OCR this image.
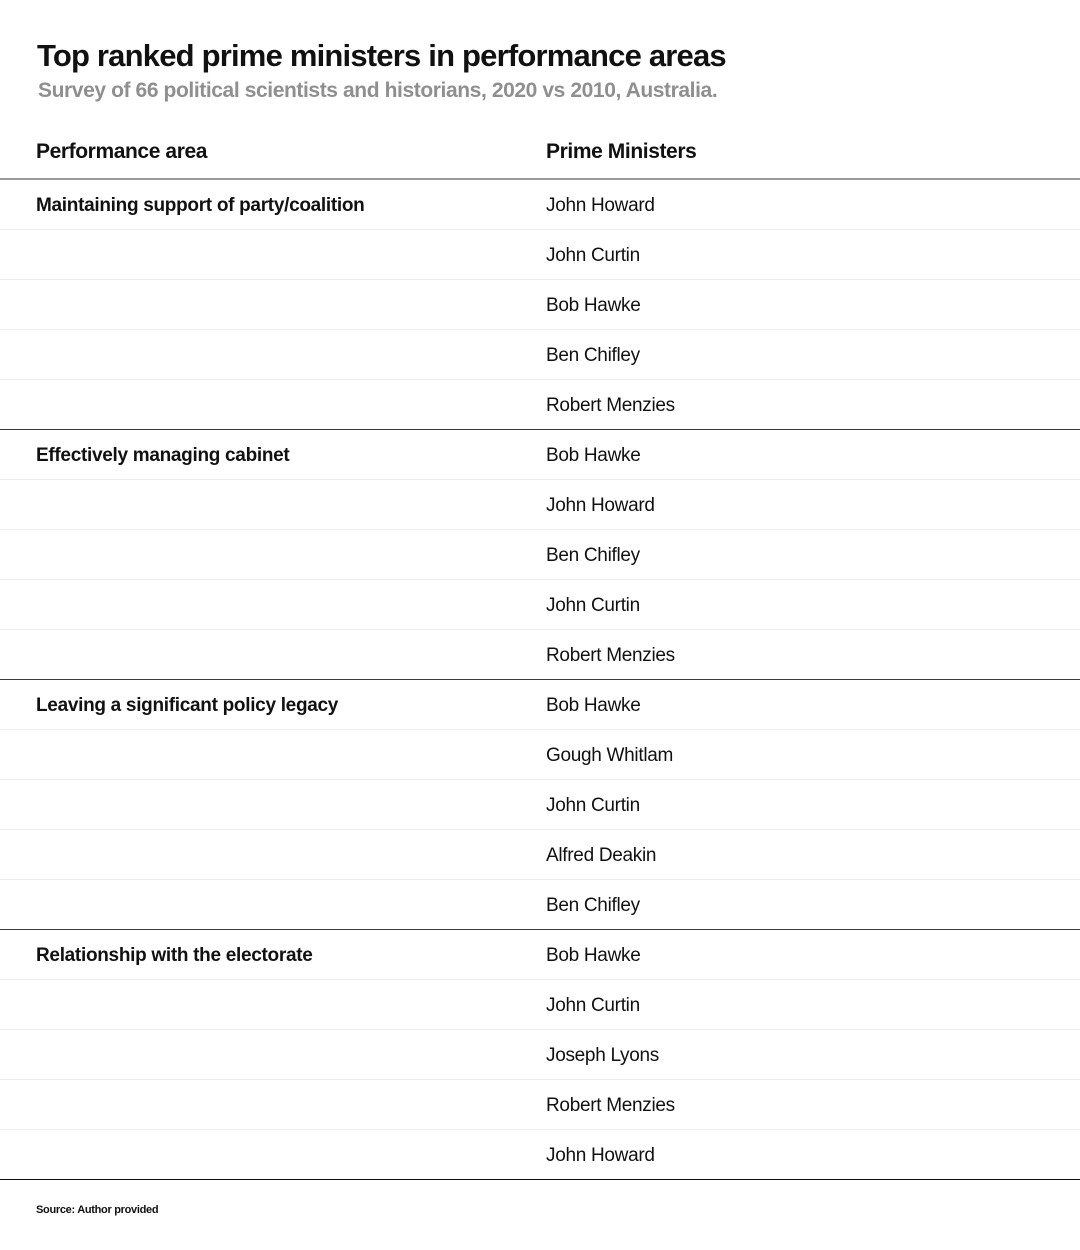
Top ranked prime ministers in performance areas

Survey of 66 political scientists and historians, 2020 vs 2010, Australia.

Performance area	Prime Ministers
Maintaining support of party/coalition	John Howard
John Curtin
Bob Hawke
Ben Chifley
Robert Menzies
Effectively managing cabinet	Bob Hawke
John Howard
Ben Chifley
John Curtin
Robert Menzies
Leaving a significant policy legacy	Bob Hawke
Gough Whitlam
John Curtin
Alfred Deakin
Ben Chifley
Relationship with the electorate	Bob Hawke
John Curtin
Joseph Lyons
Robert Menzies
John Howard
Source: Author provided
